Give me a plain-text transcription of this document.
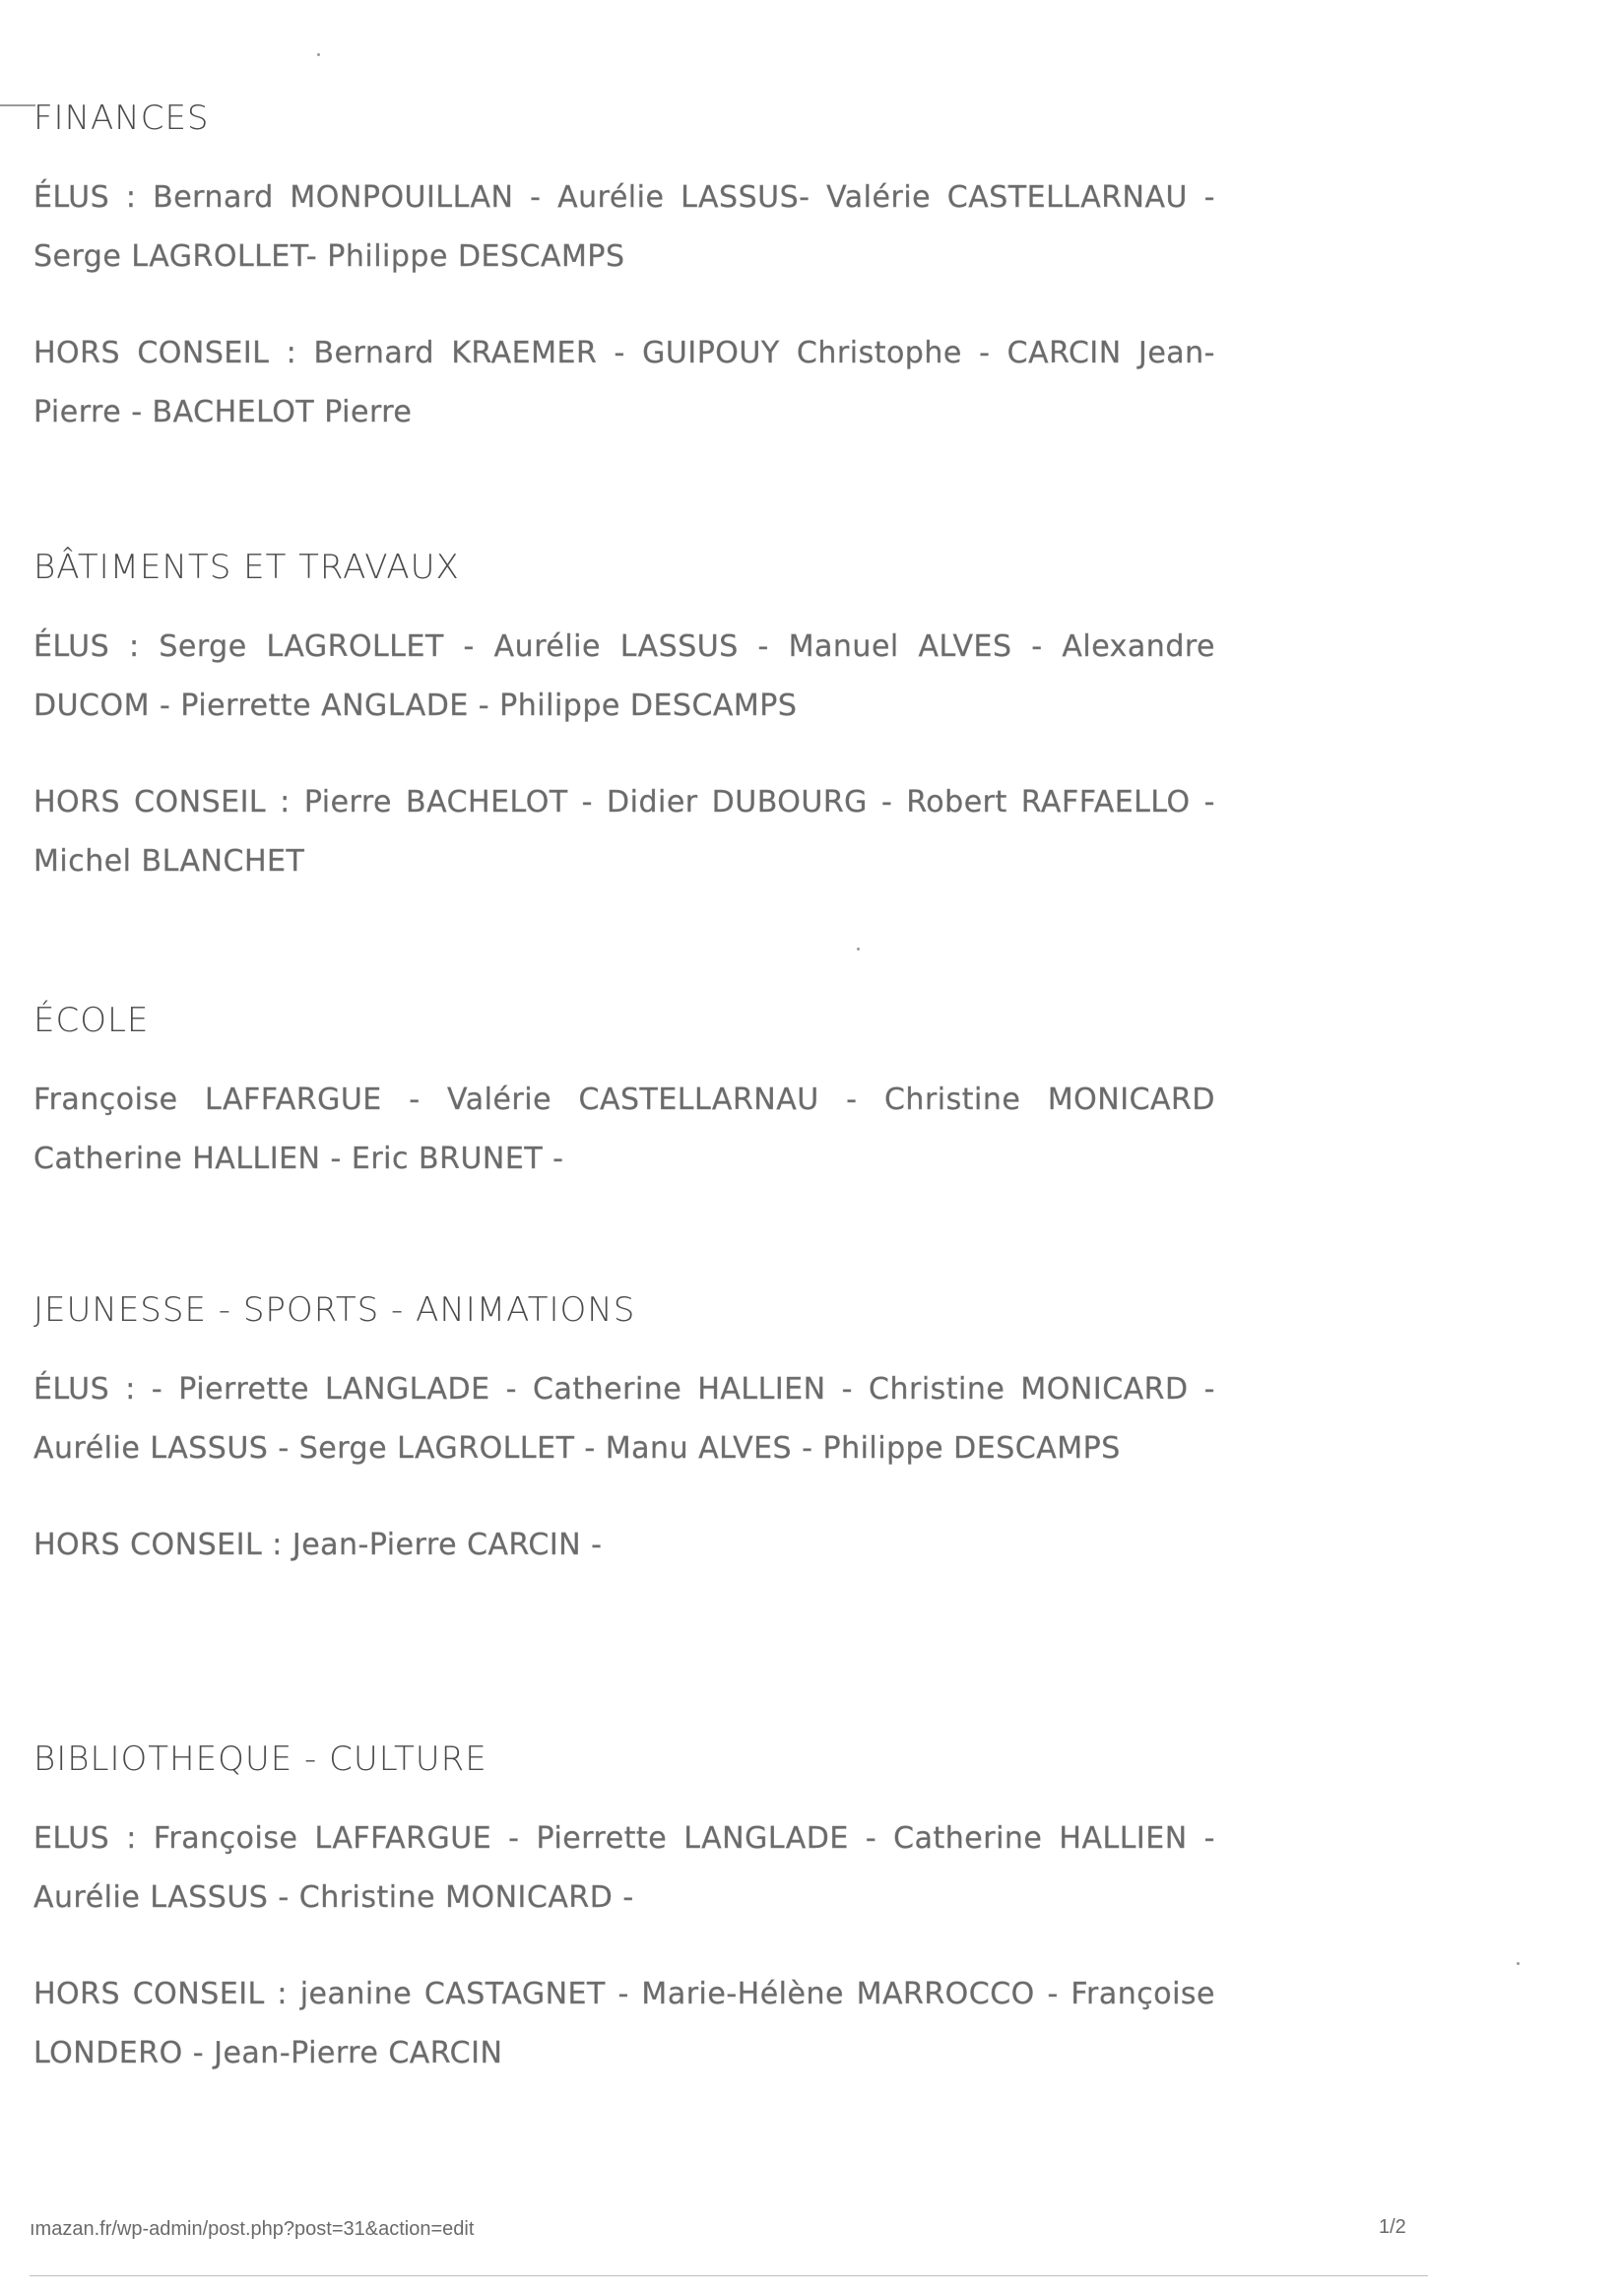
FINANCES

ÉLUS : Bernard MONPOUILLAN - Aurélie LASSUS- Valérie CASTELLARNAU - Serge LAGROLLET- Philippe DESCAMPS

HORS CONSEIL : Bernard KRAEMER - GUIPOUY Christophe - CARCIN Jean-Pierre - BACHELOT Pierre

BÂTIMENTS ET TRAVAUX

ÉLUS : Serge LAGROLLET - Aurélie LASSUS - Manuel ALVES - Alexandre DUCOM - Pierrette ANGLADE - Philippe DESCAMPS

HORS CONSEIL : Pierre BACHELOT - Didier DUBOURG - Robert RAFFAELLO - Michel BLANCHET

ÉCOLE

Françoise LAFFARGUE - Valérie CASTELLARNAU - Christine MONICARD Catherine HALLIEN - Eric BRUNET -

JEUNESSE - SPORTS - ANIMATIONS

ÉLUS : - Pierrette LANGLADE - Catherine HALLIEN - Christine MONICARD - Aurélie LASSUS - Serge LAGROLLET - Manu ALVES - Philippe DESCAMPS

HORS CONSEIL : Jean-Pierre CARCIN -

BIBLIOTHEQUE - CULTURE

ELUS : Françoise LAFFARGUE - Pierrette LANGLADE - Catherine HALLIEN - Aurélie LASSUS - Christine MONICARD -

HORS CONSEIL : jeanine CASTAGNET - Marie-Hélène MARROCCO - Françoise LONDERO - Jean-Pierre CARCIN

ımazan.fr/wp-admin/post.php?post=31&action=edit	1/2
